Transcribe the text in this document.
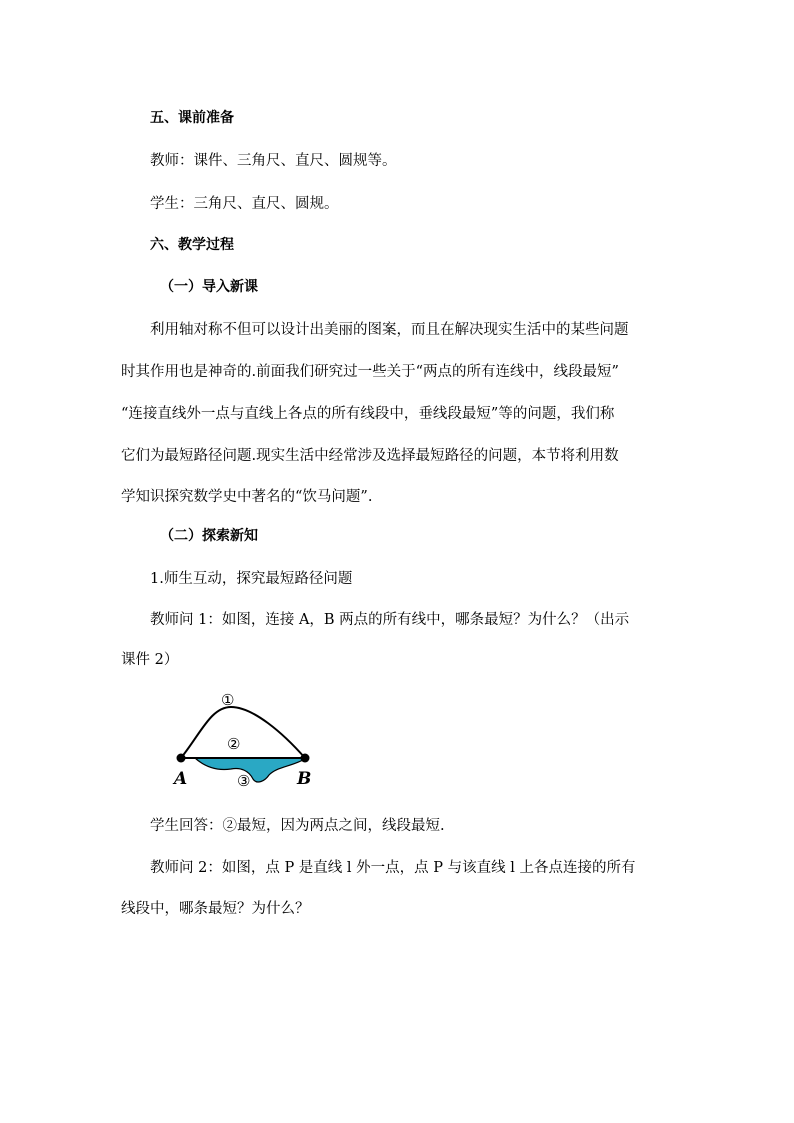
五、课前准备
教师：课件、三角尺、直尺、圆规等。
学生：三角尺、直尺、圆规。
六、教学过程
（一）导入新课
利用轴对称不但可以设计出美丽的图案，而且在解决现实生活中的某些问题
时其作用也是神奇的.前面我们研究过一些关于“两点的所有连线中，线段最短”
“连接直线外一点与直线上各点的所有线段中，垂线段最短”等的问题，我们称
它们为最短路径问题.现实生活中经常涉及选择最短路径的问题，本节将利用数
学知识探究数学史中著名的“饮马问题”.
（二）探索新知
1.师生互动，探究最短路径问题
教师问 1：如图，连接 A，B 两点的所有线中，哪条最短？为什么？（出示
课件 2）
①
②
③
A	B
学生回答：②最短，因为两点之间，线段最短.
教师问 2：如图，点 P 是直线 l 外一点，点 P 与该直线 l 上各点连接的所有
线段中，哪条最短？为什么？
